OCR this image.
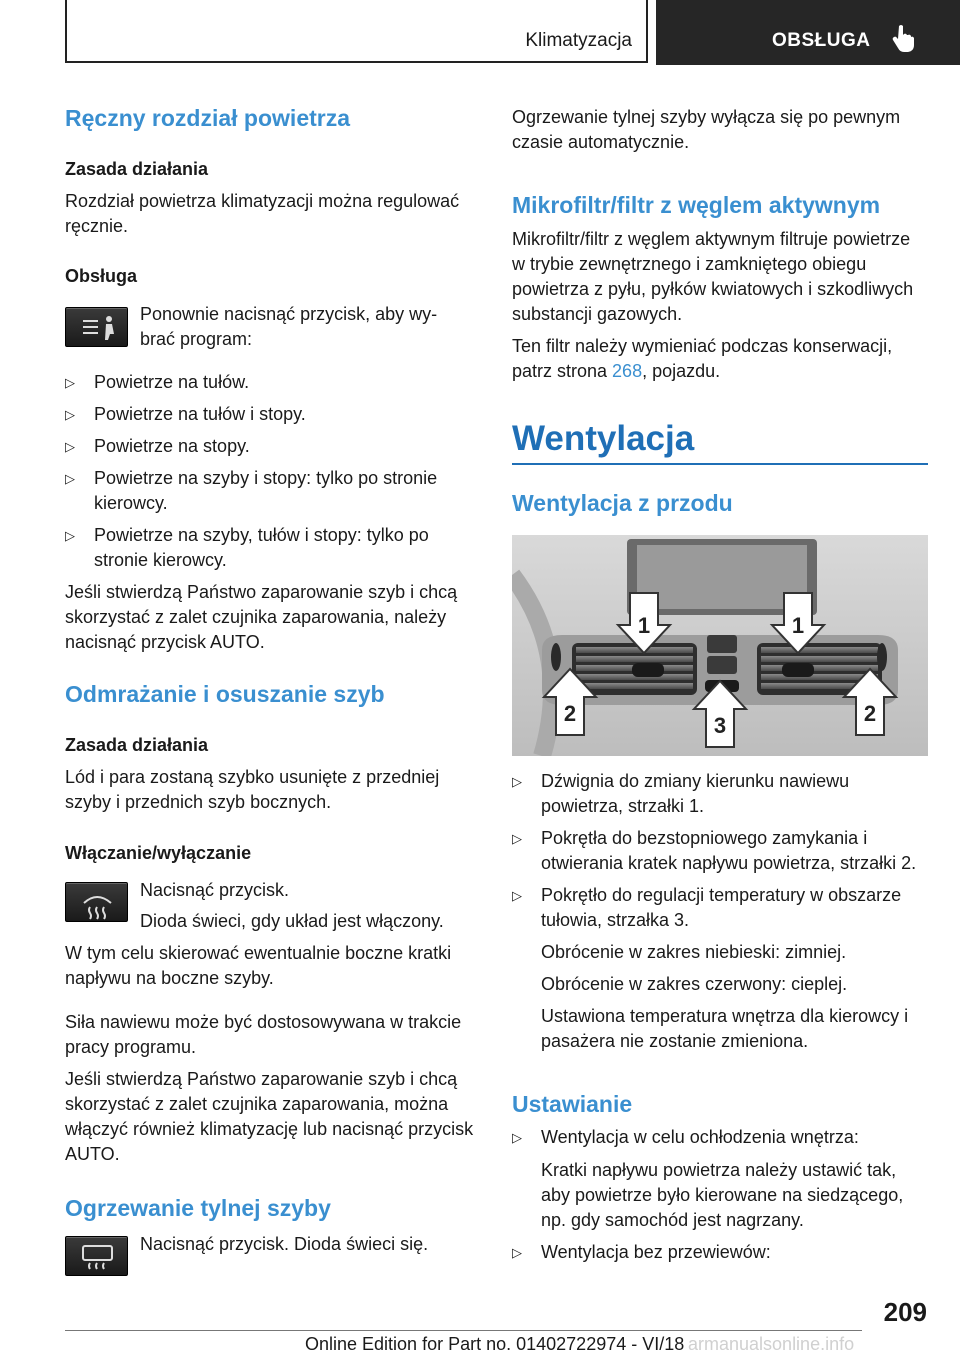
Klimatyzacja	OBSŁUGA
Ręczny rozdział powietrza
Zasada działania
Rozdział powietrza klimatyzacji można regulować ręcznie.
Obsługa
Ponownie nacisnąć przycisk, aby wy-
brać program:
▷ Powietrze na tułów.
▷ Powietrze na tułów i stopy.
▷ Powietrze na stopy.
▷ Powietrze na szyby i stopy: tylko po stronie kierowcy.
▷ Powietrze na szyby, tułów i stopy: tylko po stronie kierowcy.
Jeśli stwierdzą Państwo zaparowanie szyb i chcą skorzystać z zalet czujnika zaparowania, należy nacisnąć przycisk AUTO.
Odmrażanie i osuszanie szyb
Zasada działania
Lód i para zostaną szybko usunięte z przedniej szyby i przednich szyb bocznych.
Włączanie/wyłączanie
Nacisnąć przycisk.
Dioda świeci, gdy układ jest włączony.
W tym celu skierować ewentualnie boczne kratki napływu na boczne szyby.
Siła nawiewu może być dostosowywana w trakcie pracy programu.
Jeśli stwierdzą Państwo zaparowanie szyb i chcą skorzystać z zalet czujnika zaparowania, można włączyć również klimatyzację lub nacisnąć przycisk AUTO.
Ogrzewanie tylnej szyby
Nacisnąć przycisk. Dioda świeci się.
Ogrzewanie tylnej szyby wyłącza się po pewnym czasie automatycznie.
Mikrofiltr/filtr z węglem aktywnym
Mikrofiltr/filtr z węglem aktywnym filtruje powietrze w trybie zewnętrznego i zamkniętego obiegu powietrza z pyłu, pyłków kwiatowych i szkodliwych substancji gazowych.
Ten filtr należy wymieniać podczas konserwacji, patrz strona 268, pojazdu.
Wentylacja
Wentylacja z przodu
1	1
2	3	2
▷ Dźwignia do zmiany kierunku nawiewu powietrza, strzałki 1.
▷ Pokrętła do bezstopniowego zamykania i otwierania kratek napływu powietrza, strzałki 2.
▷ Pokrętło do regulacji temperatury w obszarze tułowia, strzałka 3.
Obrócenie w zakres niebieski: zimniej.
Obrócenie w zakres czerwony: cieplej.
Ustawiona temperatura wnętrza dla kierowcy i pasażera nie zostanie zmieniona.
Ustawianie
▷ Wentylacja w celu ochłodzenia wnętrza:
Kratki napływu powietrza należy ustawić tak, aby powietrze było kierowane na siedzącego, np. gdy samochód jest nagrzany.
▷ Wentylacja bez przewiewów:
209
Online Edition for Part no. 01402722974 - VI/18 armanualsonline.info
